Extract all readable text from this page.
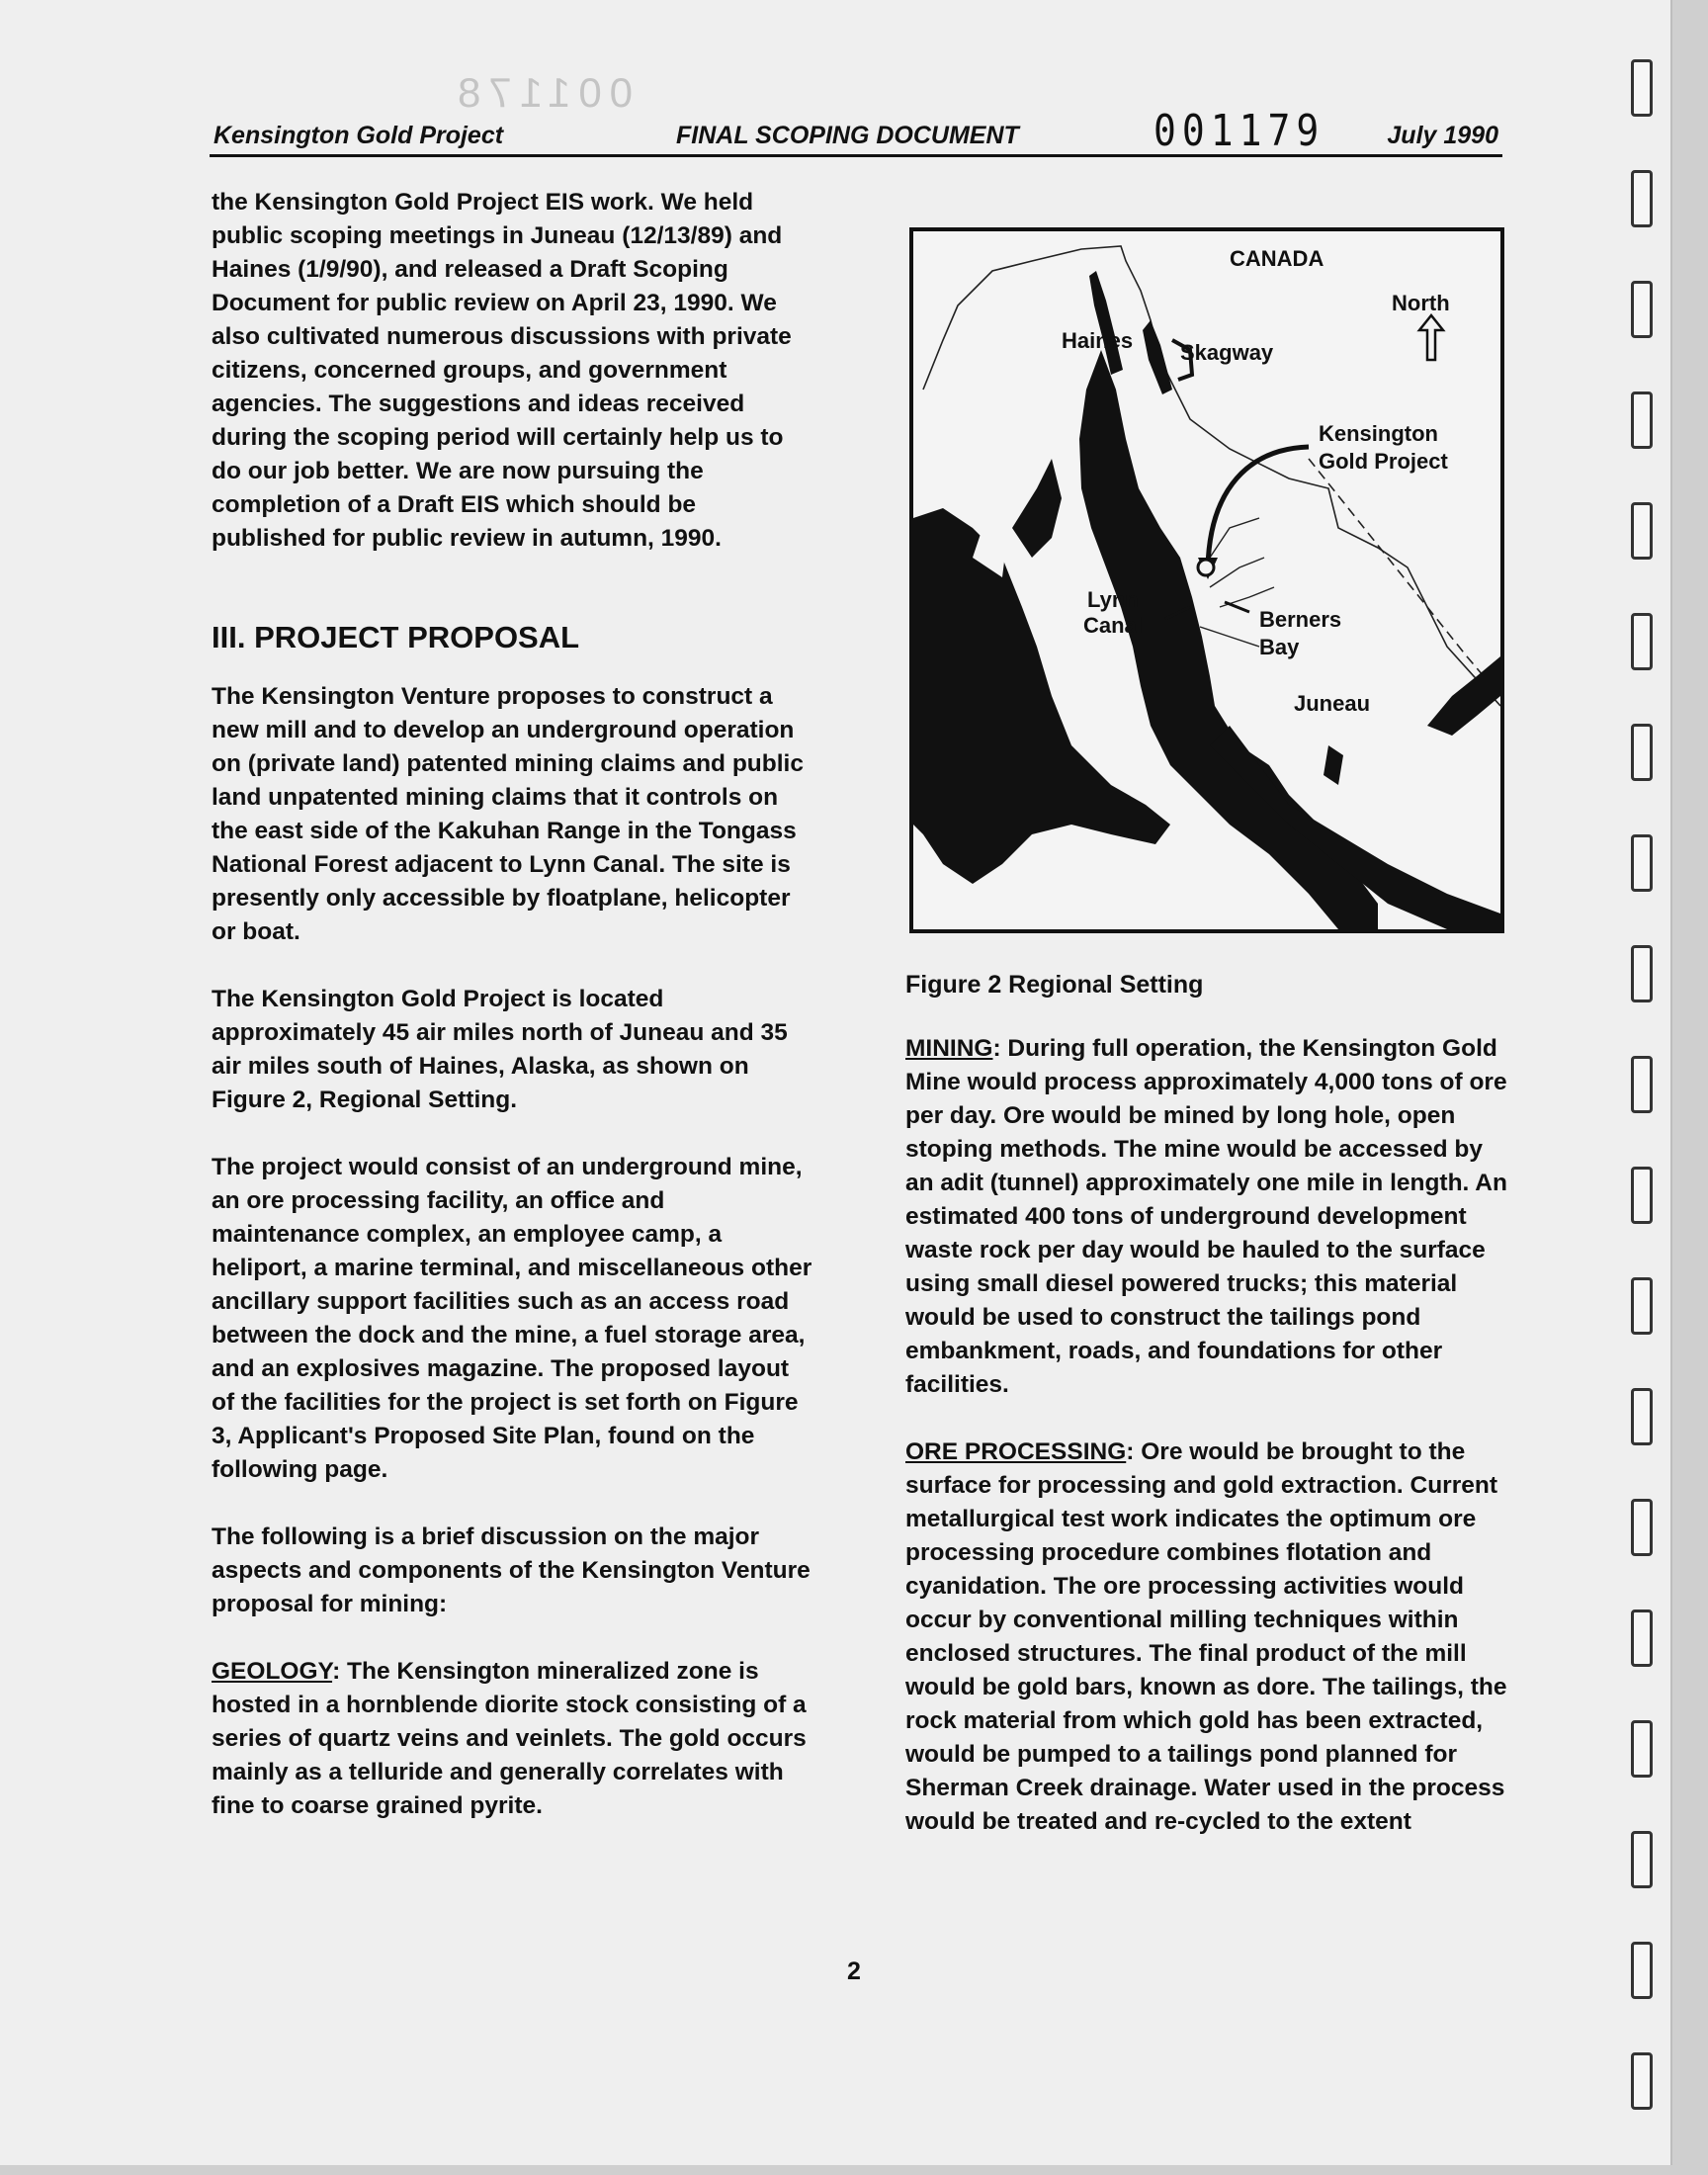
001178
Kensington Gold Project	FINAL SCOPING DOCUMENT	001179	July 1990

the Kensington Gold Project EIS work. We held public scoping meetings in Juneau (12/13/89) and Haines (1/9/90), and released a Draft Scoping Document for public review on April 23, 1990. We also cultivated numerous discussions with private citizens, concerned groups, and government agencies. The suggestions and ideas received during the scoping period will certainly help us to do our job better. We are now pursuing the completion of a Draft EIS which should be published for public review in autumn, 1990.

III. PROJECT PROPOSAL

The Kensington Venture proposes to construct a new mill and to develop an underground operation on (private land) patented mining claims and public land unpatented mining claims that it controls on the east side of the Kakuhan Range in the Tongass National Forest adjacent to Lynn Canal. The site is presently only accessible by floatplane, helicopter or boat.

The Kensington Gold Project is located approximately 45 air miles north of Juneau and 35 air miles south of Haines, Alaska, as shown on Figure 2, Regional Setting.

The project would consist of an underground mine, an ore processing facility, an office and maintenance complex, an employee camp, a heliport, a marine terminal, and miscellaneous other ancillary support facilities such as an access road between the dock and the mine, a fuel storage area, and an explosives magazine. The proposed layout of the facilities for the project is set forth on Figure 3, Applicant's Proposed Site Plan, found on the following page.

The following is a brief discussion on the major aspects and components of the Kensington Venture proposal for mining:

GEOLOGY: The Kensington mineralized zone is hosted in a hornblende diorite stock consisting of a series of quartz veins and veinlets. The gold occurs mainly as a telluride and generally correlates with fine to coarse grained pyrite.

CANADA
North
Haines Skagway
Kensington
Gold Project
Lynn
Canal	Berners
Bay
Juneau
Figure 2 Regional Setting

MINING: During full operation, the Kensington Gold Mine would process approximately 4,000 tons of ore per day. Ore would be mined by long hole, open stoping methods. The mine would be accessed by an adit (tunnel) approximately one mile in length. An estimated 400 tons of underground development waste rock per day would be hauled to the surface using small diesel powered trucks; this material would be used to construct the tailings pond embankment, roads, and foundations for other facilities.

ORE PROCESSING: Ore would be brought to the surface for processing and gold extraction. Current metallurgical test work indicates the optimum ore processing procedure combines flotation and cyanidation. The ore processing activities would occur by conventional milling techniques within enclosed structures. The final product of the mill would be gold bars, known as dore. The tailings, the rock material from which gold has been extracted, would be pumped to a tailings pond planned for Sherman Creek drainage. Water used in the process would be treated and re-cycled to the extent

2
